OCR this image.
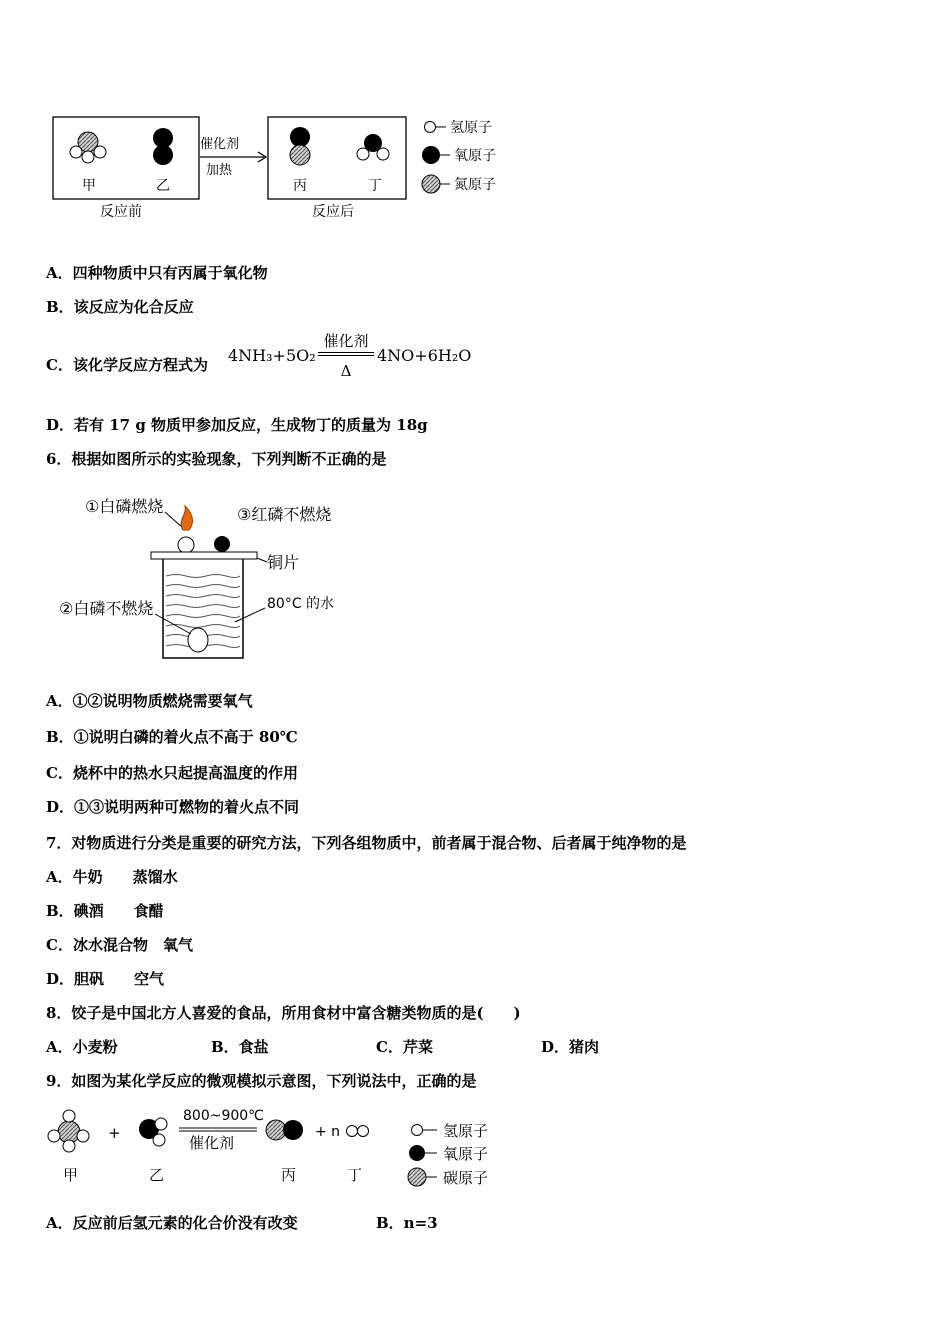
甲	乙
反应前
催化剂
加热
丙	丁
反应后
氢原子
氧原子
氮原子
A．四种物质中只有丙属于氧化物
B．该反应为化合反应
C．该化学反应方程式为 4NH₃+5O₂
催化剂
Δ
4NO+6H₂O
D．若有 17 g 物质甲参加反应，生成物丁的质量为 18g
6．根据如图所示的实验现象，下列判断不正确的是
①白磷燃烧	③红磷不燃烧
铜片
②白磷不燃烧	80°C 的水
A．①②说明物质燃烧需要氧气
B．①说明白磷的着火点不高于 80℃
C．烧杯中的热水只起提高温度的作用
D．①③说明两种可燃物的着火点不同
7．对物质进行分类是重要的研究方法，下列各组物质中，前者属于混合物、后者属于纯净物的是
A．牛奶　　蒸馏水
B．碘酒　　食醋
C．冰水混合物　氧气
D．胆矾　　空气
8．饺子是中国北方人喜爱的食品，所用食材中富含糖类物质的是(　　)
A．小麦粉	B．食盐	C．芹菜	D．猪肉
9．如图为某化学反应的微观模拟示意图，下列说法中，正确的是
+
800~900℃
催化剂
+ n
甲	乙	丙	丁
氢原子
氧原子
碳原子
A．反应前后氢元素的化合价没有改变	B．n=3
